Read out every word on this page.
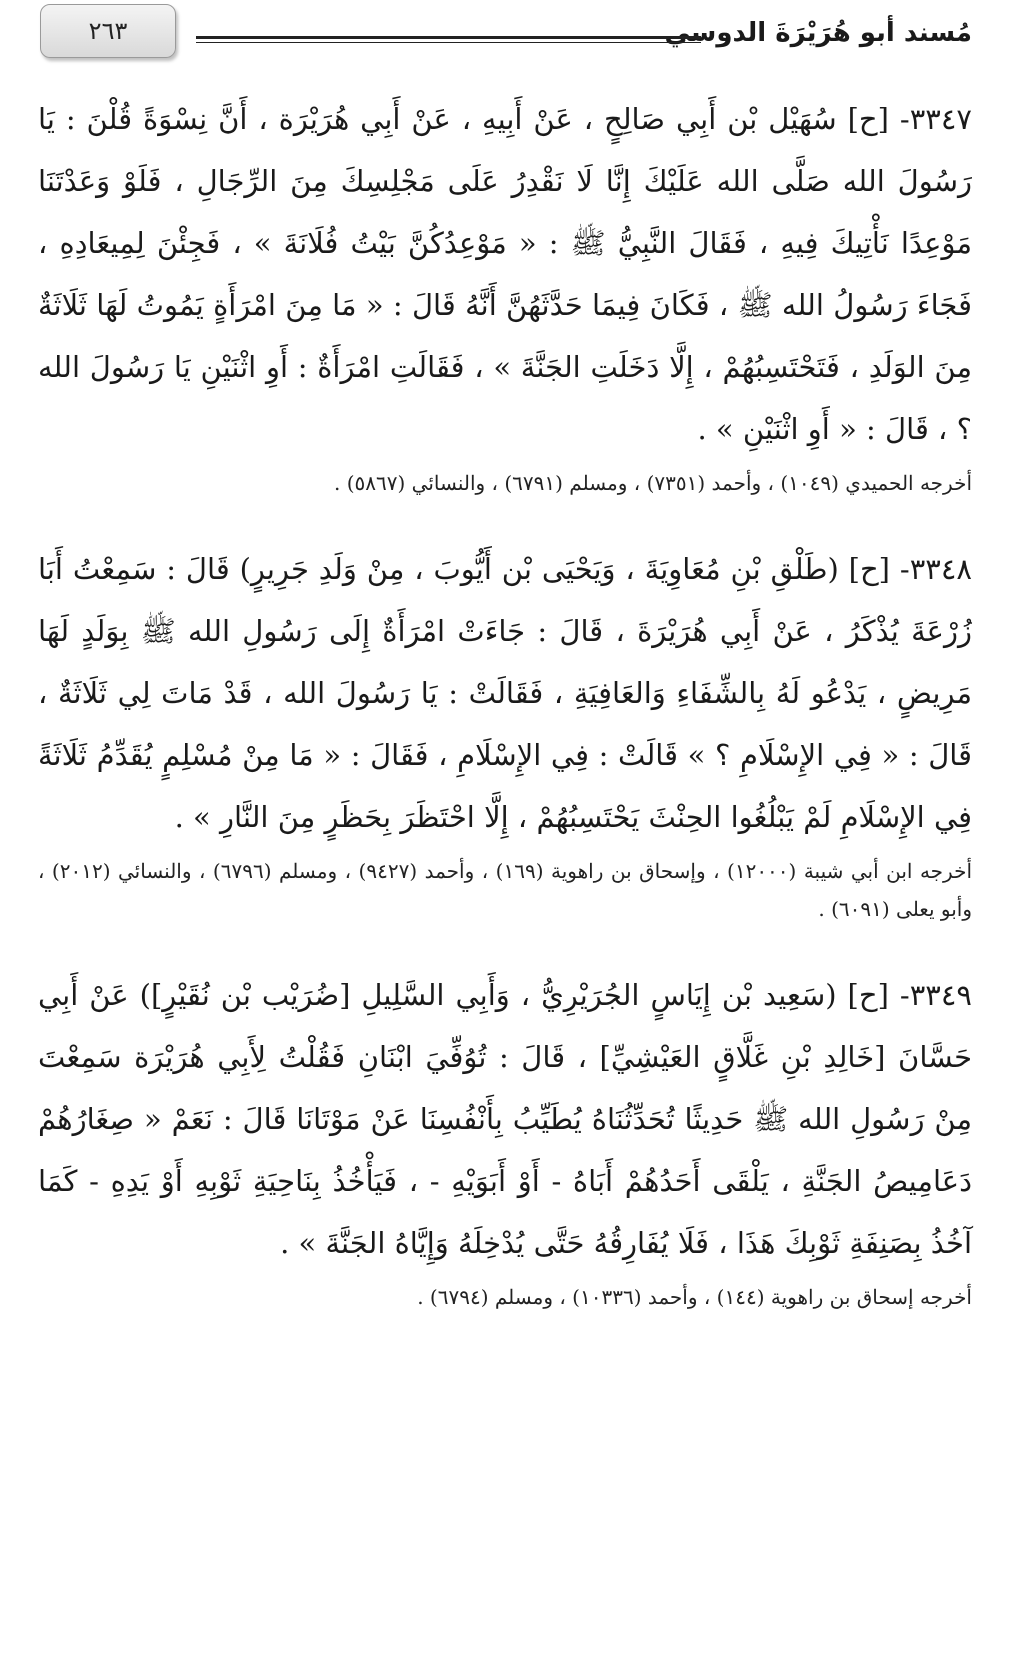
مُسند أبو هُرَيْرَةَ الدوسي
٢٦٣

٣٣٤٧- [ح] سُهَيْل بْن أَبِي صَالِحٍ ، عَنْ أَبِيهِ ، عَنْ أَبِي هُرَيْرَة ، أَنَّ نِسْوَةً قُلْنَ : يَا رَسُولَ الله صَلَّى الله عَلَيْكَ إِنَّا لَا نَقْدِرُ عَلَى مَجْلِسِكَ مِنَ الرِّجَالِ ، فَلَوْ وَعَدْتَنَا مَوْعِدًا نَأْتِيكَ فِيهِ ، فَقَالَ النَّبِيُّ ﷺ : « مَوْعِدُكُنَّ بَيْتُ فُلَانَةَ » ، فَجِئْنَ لِمِيعَادِهِ ، فَجَاءَ رَسُولُ الله ﷺ ، فَكَانَ فِيمَا حَدَّثَهُنَّ أَنَّهُ قَالَ : « مَا مِنَ امْرَأَةٍ يَمُوتُ لَهَا ثَلَاثَةٌ مِنَ الوَلَدِ ، فَتَحْتَسِبُهُمْ ، إِلَّا دَخَلَتِ الجَنَّةَ » ، فَقَالَتِ امْرَأَةٌ : أَوِ اثْنَيْنِ يَا رَسُولَ الله ؟ ، قَالَ : « أَوِ اثْنَيْنِ » .

أخرجه الحميدي (١٠٤٩) ، وأحمد (٧٣٥١) ، ومسلم (٦٧٩١) ، والنسائي (٥٨٦٧) .

٣٣٤٨- [ح] (طَلْقِ بْنِ مُعَاوِيَةَ ، وَيَحْيَى بْن أَيُّوبَ ، مِنْ وَلَدِ جَرِيرٍ) قَالَ : سَمِعْتُ أَبَا زُرْعَةَ يُذْكَرُ ، عَنْ أَبِي هُرَيْرَةَ ، قَالَ : جَاءَتْ امْرَأَةٌ إِلَى رَسُولِ الله ﷺ بِوَلَدٍ لَهَا مَرِيضٍ ، يَدْعُو لَهُ بِالشِّفَاءِ وَالعَافِيَةِ ، فَقَالَتْ : يَا رَسُولَ الله ، قَدْ مَاتَ لِي ثَلَاثَةٌ ، قَالَ : « فِي الإِسْلَامِ ؟ » قَالَتْ : فِي الإِسْلَامِ ، فَقَالَ : « مَا مِنْ مُسْلِمٍ يُقَدِّمُ ثَلَاثَةً فِي الإِسْلَامِ لَمْ يَبْلُغُوا الحِنْثَ يَحْتَسِبُهُمْ ، إِلَّا احْتَظَرَ بِحَظَرٍ مِنَ النَّارِ » .

أخرجه ابن أبي شيبة (١٢٠٠٠) ، وإسحاق بن راهوية (١٦٩) ، وأحمد (٩٤٢٧) ، ومسلم (٦٧٩٦) ، والنسائي (٢٠١٢) ، وأبو يعلى (٦٠٩١) .

٣٣٤٩- [ح] (سَعِيد بْن إِيَاسٍ الجُرَيْرِيُّ ، وَأَبِي السَّلِيلِ [ضُرَيْب بْن نُقَيْرٍ]) عَنْ أَبِي حَسَّانَ [خَالِدِ بْنِ غَلَّاقٍ العَيْشِيِّ] ، قَالَ : تُوُفِّيَ ابْنَانِ فَقُلْتُ لِأَبِي هُرَيْرَة سَمِعْتَ مِنْ رَسُولِ الله ﷺ حَدِيثًا تُحَدِّثُنَاهُ يُطَيِّبُ بِأَنْفُسِنَا عَنْ مَوْتَانَا قَالَ : نَعَمْ « صِغَارُهُمْ دَعَامِيصُ الجَنَّةِ ، يَلْقَى أَحَدُهُمْ أَبَاهُ - أَوْ أَبَوَيْهِ - ، فَيَأْخُذُ بِنَاحِيَةِ ثَوْبِهِ أَوْ يَدِهِ - كَمَا آخُذُ بِصَنِفَةِ ثَوْبِكَ هَذَا ، فَلَا يُفَارِقُهُ حَتَّى يُدْخِلَهُ وَإِيَّاهُ الجَنَّةَ » .

أخرجه إسحاق بن راهوية (١٤٤) ، وأحمد (١٠٣٣٦) ، ومسلم (٦٧٩٤) .
